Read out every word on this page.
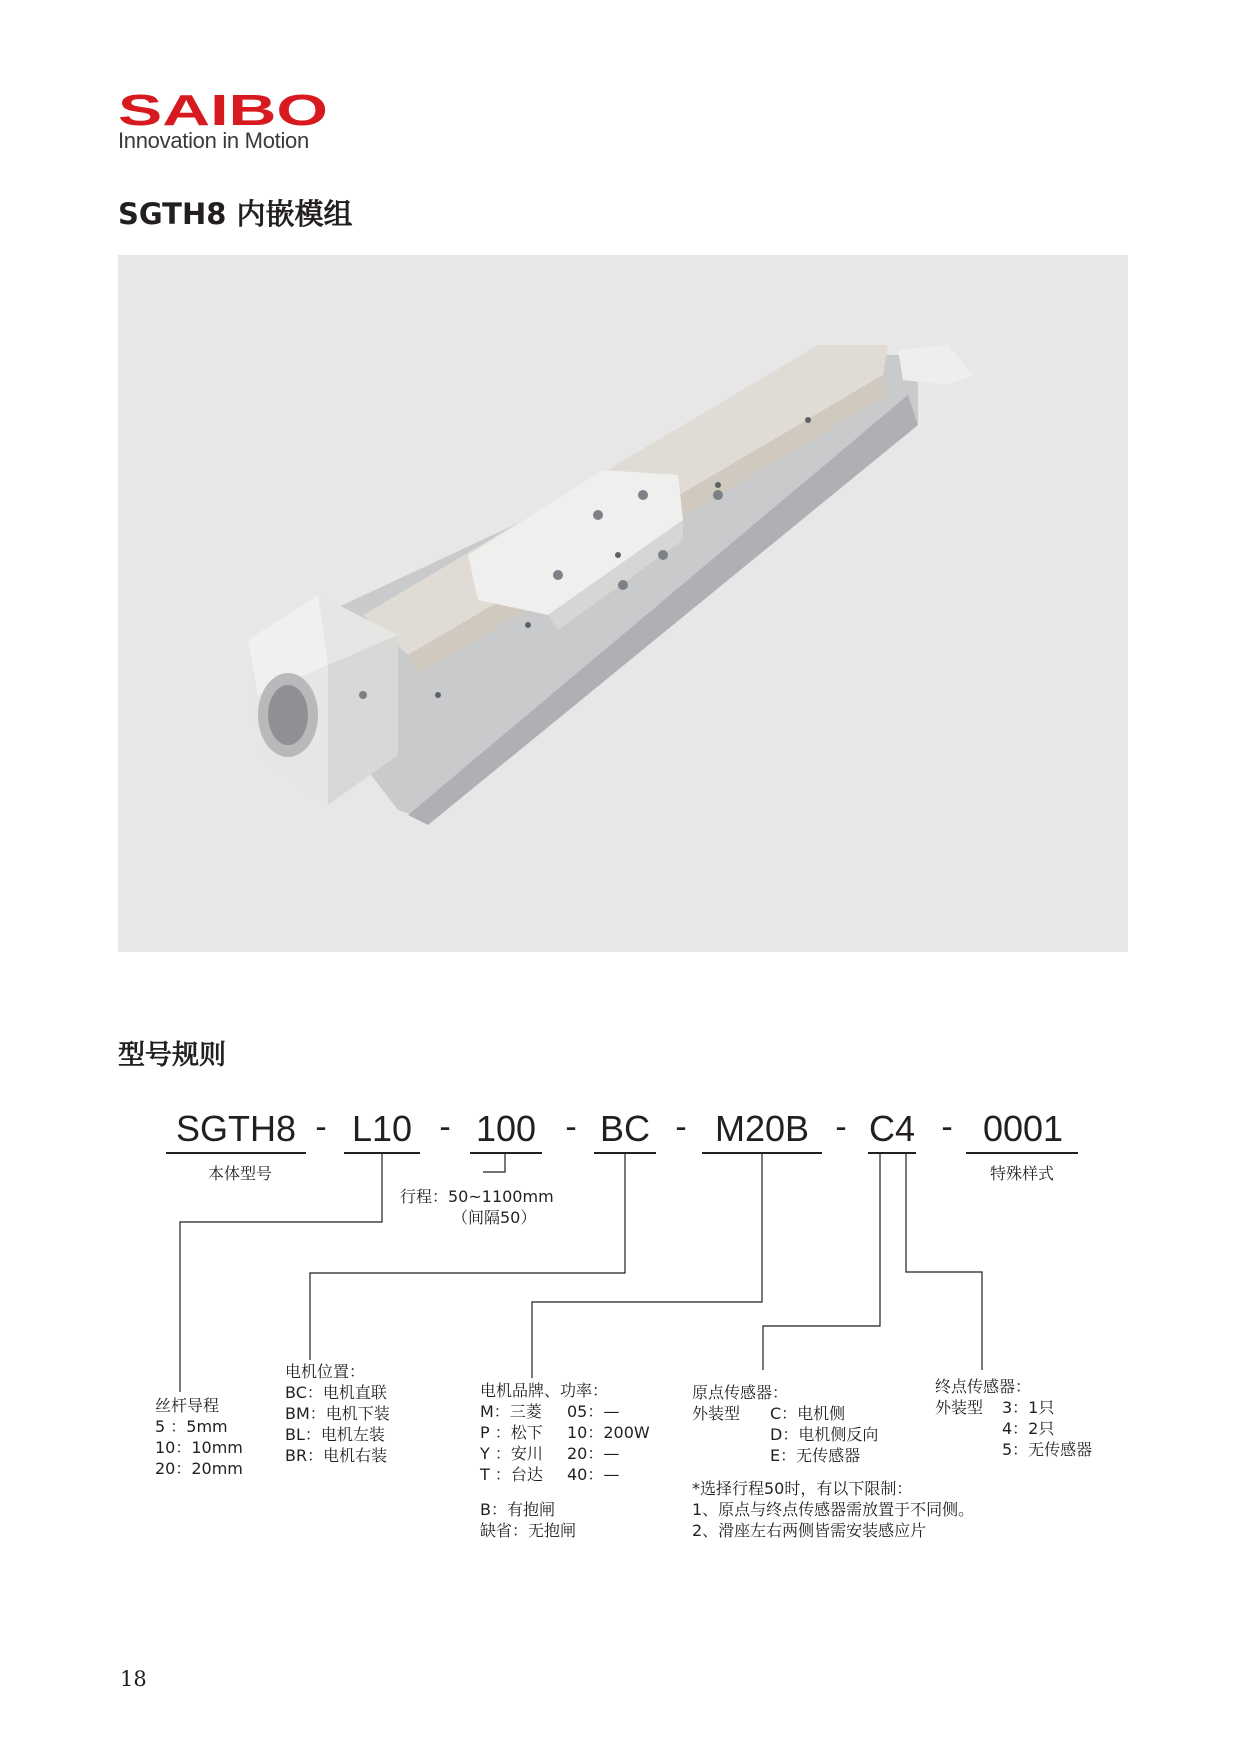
SAIBO
Innovation in Motion
SGTH8 内嵌模组
型号规则
SGTH8 - L10 - 100 - BC - M20B - C4 - 0001
本体型号
行程：50~1100mm
（间隔50）
特殊样式
丝杆导程
5 ：5mm
10：10mm
20：20mm
电机位置：
BC：电机直联
BM：电机下装
BL：电机左装
BR：电机右装
电机品牌、功率：
M：三菱
P ：松下
Y ：安川
T ：台达
05：—
10：200W
20：—
40：—
B：有抱闸
缺省：无抱闸
原点传感器：
外装型 C：电机侧
D：电机侧反向
E：无传感器
*选择行程50时，有以下限制：
1、原点与终点传感器需放置于不同侧。
2、滑座左右两侧皆需安装感应片
终点传感器：
外装型 3：1只
4：2只
5：无传感器
18
